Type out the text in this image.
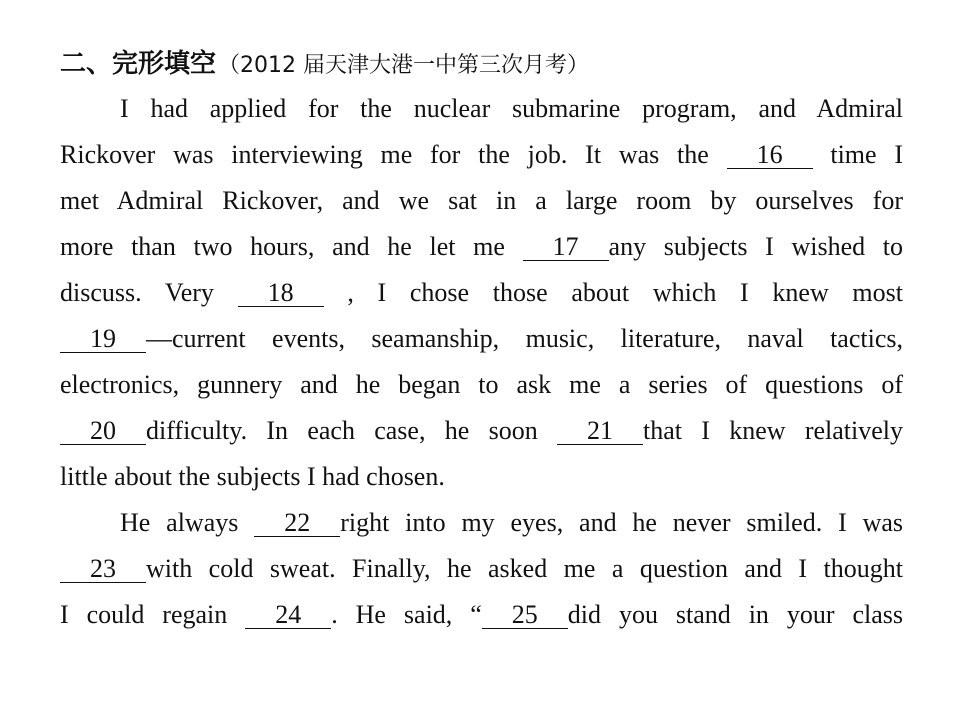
二、完形填空（2012 届天津大港一中第三次月考）
I had applied for the nuclear submarine program, and Admiral
Rickover was interviewing me for the job. It was the 16 time I
met Admiral Rickover, and we sat in a large room by ourselves for
more than two hours, and he let me 17 any subjects I wished to
discuss. Very 18 , I chose those about which I knew most
19 —current events, seamanship, music, literature, naval tactics,
electronics, gunnery and he began to ask me a series of questions of
20 difficulty. In each case, he soon 21 that I knew relatively
little about the subjects I had chosen.
He always 22 right into my eyes, and he never smiled. I was
23 with cold sweat. Finally, he asked me a question and I thought
I could regain 24 . He said, “ 25 did you stand in your class
